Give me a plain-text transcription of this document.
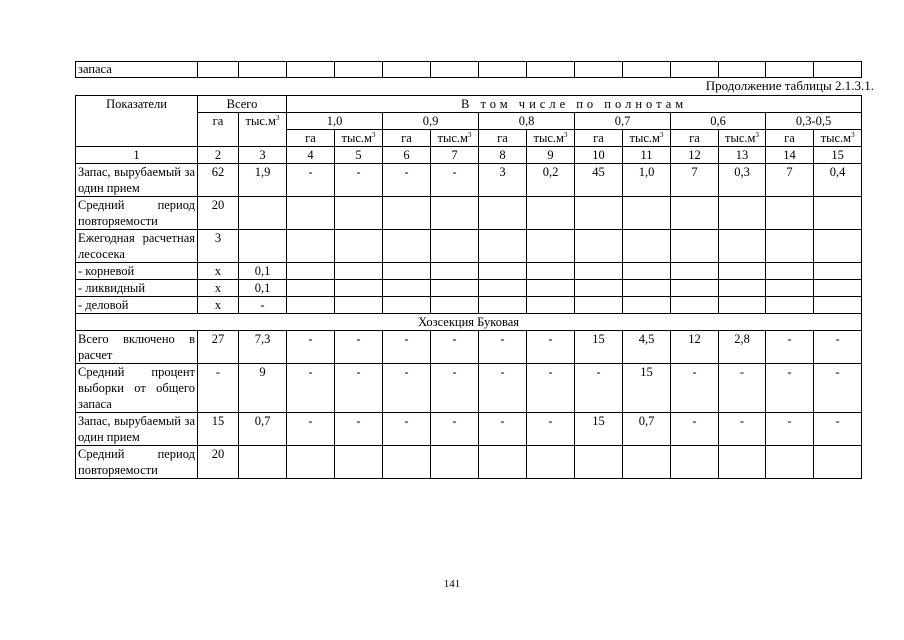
запаса														
Продолжение таблицы 2.1.3.1.
Показатели	Всего		В том числе по полнотам											
	га	$тыс.м^3$	1,0		0,9		0,8		0,7		0,6		0,3-0,5	
			га	$тыс.м^3$	га	$тыс.м^3$	га	$тыс.м^3$	га	$тыс.м^3$	га	$тыс.м^3$	га	$тыс.м^3$
1	2	3	4	5	6	7	8	9	10	11	12	13	14	15
Запас, вырубаемый за один прием	62	1,9	-	-	-	-	3	0,2	45	1,0	7	0,3	7	0,4
Средний период повторяемости	20													
Ежегодная расчетная лесосека	3													
- корневой	х	0,1												
- ликвидный	х	0,1												
- деловой	х	-												
Хозсекция Буковая														
Всего включено в расчет	27	7,3	-	-	-	-	-	-	15	4,5	12	2,8	-	-
Средний процент выборки от общего запаса	-	9	-	-	-	-	-	-	-	15	-	-	-	-
Запас, вырубаемый за один прием	15	0,7	-	-	-	-	-	-	15	0,7	-	-	-	-
Средний период повторяемости	20													
141
